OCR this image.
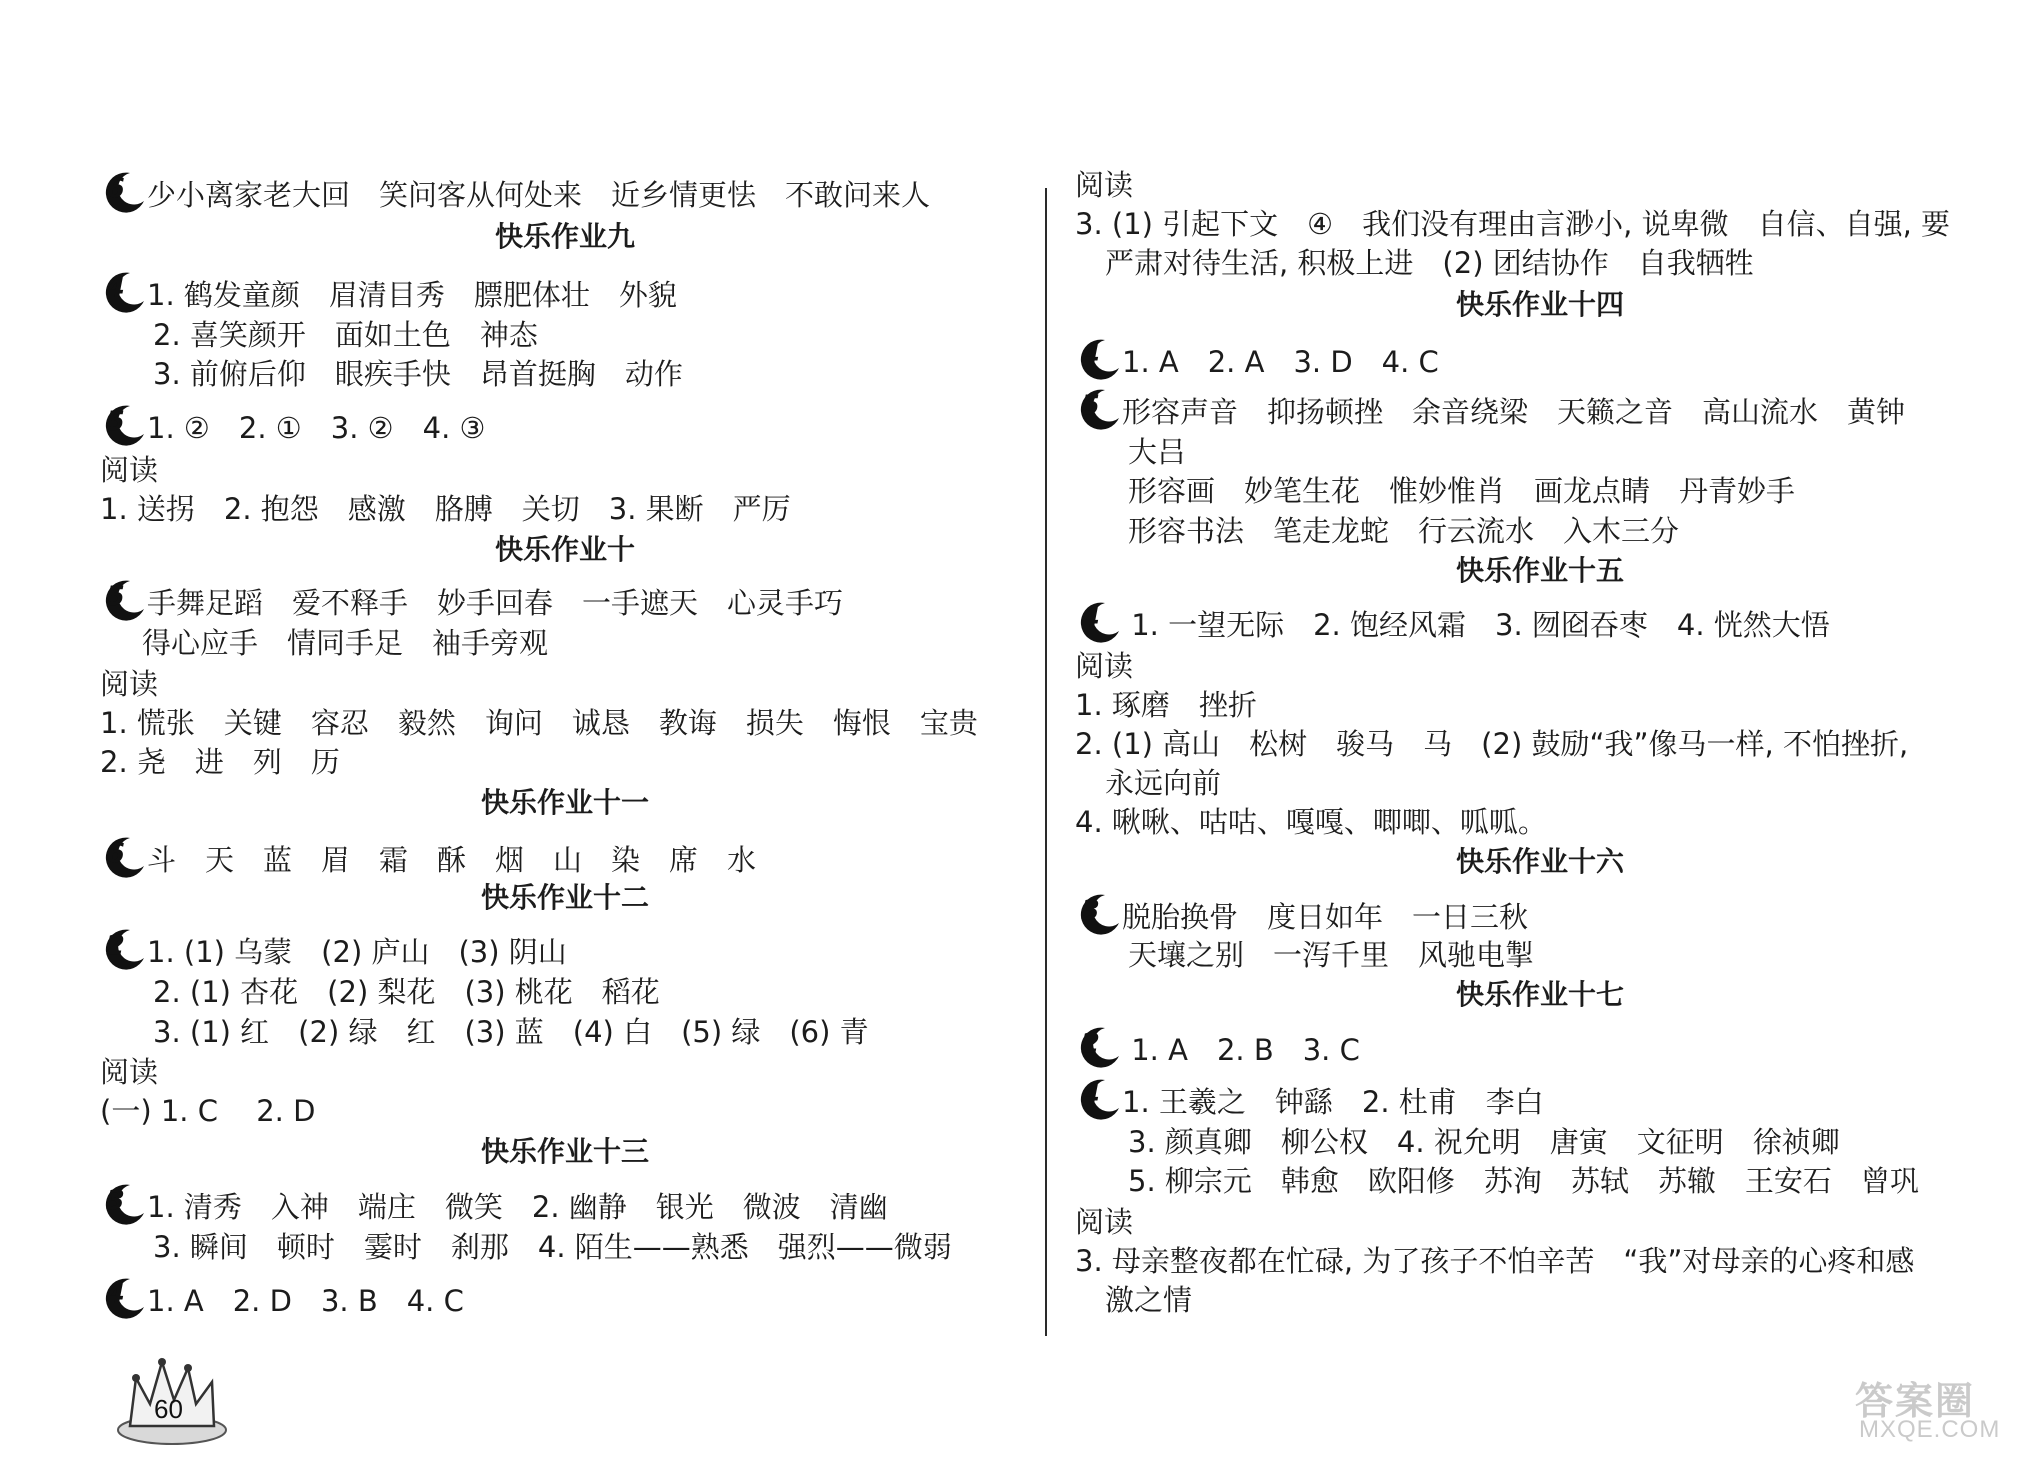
6 少小离家老大回　笑问客从何处来　近乡情更怯　不敢问来人
快乐作业九
4 1. 鹤发童颜　眉清目秀　膘肥体壮　外貌
2. 喜笑颜开　面如土色　神态
3. 前俯后仰　眼疾手快　昂首挺胸　动作
5 1. ②　2. ①　3. ②　4. ③
阅读
1. 送拐　2. 抱怨　感激　胳膊　关切　3. 果断　严厉
快乐作业十
5 手舞足蹈　爱不释手　妙手回春　一手遮天　心灵手巧
得心应手　情同手足　袖手旁观
阅读
1. 慌张　关键　容忍　毅然　询问　诚恳　教诲　损失　悔恨　宝贵
2. 尧　进　列　历
快乐作业十一
6 斗　天　蓝　眉　霜　酥　烟　山　染　席　水
快乐作业十二
2 1. (1) 乌蒙　(2) 庐山　(3) 阴山
2. (1) 杏花　(2) 梨花　(3) 桃花　稻花
3. (1) 红　(2) 绿　红　(3) 蓝　(4) 白　(5) 绿　(6) 青
阅读
(一) 1. C　 2. D
快乐作业十三
3 1. 清秀　入神　端庄　微笑　2. 幽静　银光　微波　清幽
3. 瞬间　顿时　霎时　刹那　4. 陌生——熟悉　强烈——微弱
4 1. A　2. D　3. B　4. C
阅读
3. (1) 引起下文　④　我们没有理由言渺小, 说卑微　自信、自强, 要
严肃对待生活, 积极上进　(2) 团结协作　自我牺牲
快乐作业十四
4 1. A　2. A　3. D　4. C
5 形容声音　抑扬顿挫　余音绕梁　天籁之音　高山流水　黄钟
大吕
形容画　妙笔生花　惟妙惟肖　画龙点睛　丹青妙手
形容书法　笔走龙蛇　行云流水　入木三分
快乐作业十五
4 1. 一望无际　2. 饱经风霜　3. 囫囵吞枣　4. 恍然大悟
阅读
1. 琢磨　挫折
2. (1) 高山　松树　骏马　马　(2) 鼓励“我”像马一样, 不怕挫折,
永远向前
4. 啾啾、咕咕、嘎嘎、唧唧、呱呱。
快乐作业十六
3 脱胎换骨　度日如年　一日三秋
天壤之别　一泻千里　风驰电掣
快乐作业十七
2 1. A　2. B　3. C
4 1. 王羲之　钟繇　2. 杜甫　李白
3. 颜真卿　柳公权　4. 祝允明　唐寅　文征明　徐祯卿
5. 柳宗元　韩愈　欧阳修　苏洵　苏轼　苏辙　王安石　曾巩
阅读
3. 母亲整夜都在忙碌, 为了孩子不怕辛苦　“我”对母亲的心疼和感
激之情
60	答案圈
MXQE.COM
